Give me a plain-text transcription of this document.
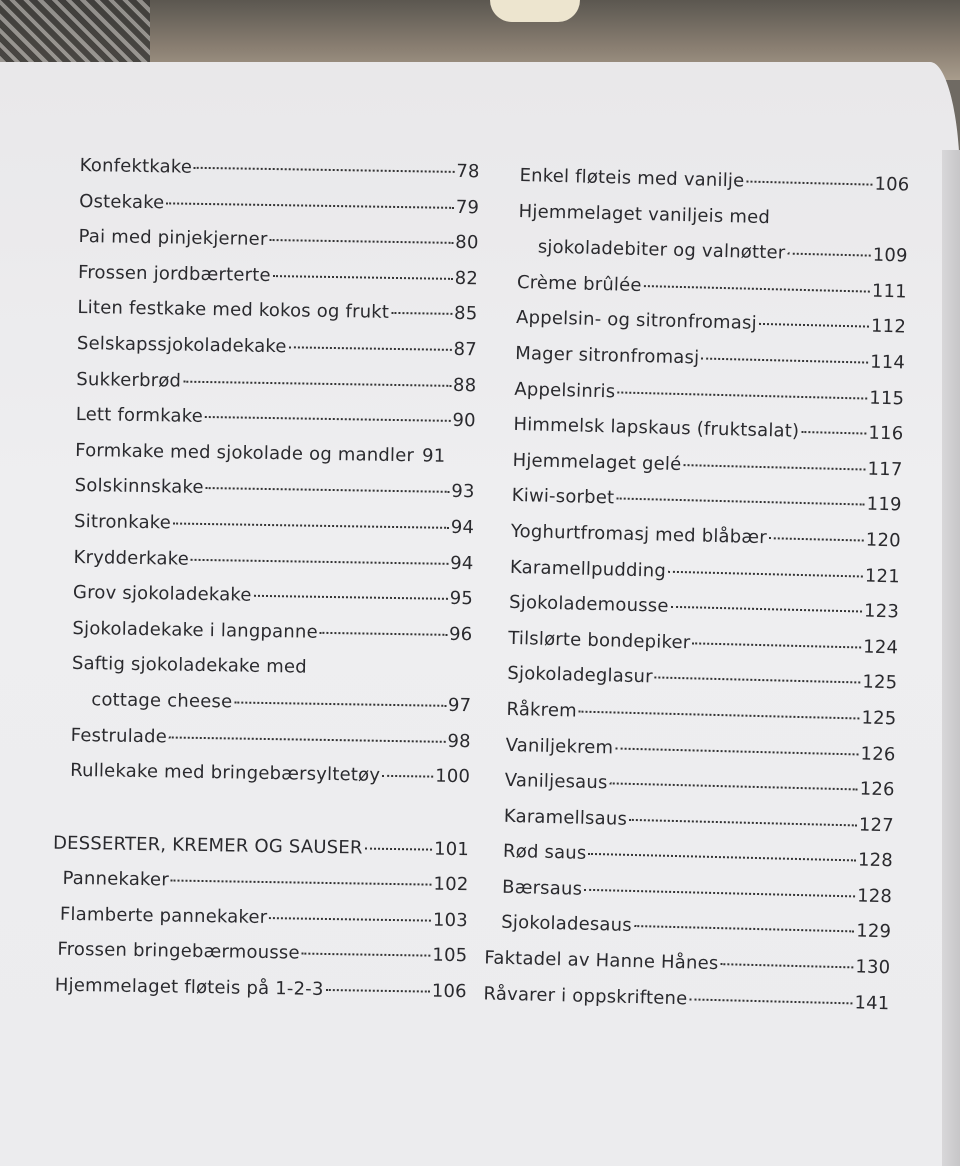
Konfektkake	78
Ostekake	79
Pai med pinjekjerner	80
Frossen jordbærterte	82
Liten festkake med kokos og frukt	85
Selskapssjokoladekake	87
Sukkerbrød	88
Lett formkake	90
Formkake med sjokolade og mandler 91
Solskinnskake	93
Sitronkake	94
Krydderkake	94
Grov sjokoladekake	95
Sjokoladekake i langpanne	96
Saftig sjokoladekake med
cottage cheese	97
Festrulade	98
Rullekake med bringebærsyltetøy	100
DESSERTER, KREMER OG SAUSER	101
Pannekaker	102
Flamberte pannekaker	103
Frossen bringebærmousse	105
Hjemmelaget fløteis på 1-2-3	106
Enkel fløteis med vanilje	106
Hjemmelaget vaniljeis med
sjokoladebiter og valnøtter	109
Crème brûlée	111
Appelsin- og sitronfromasj	112
Mager sitronfromasj	114
Appelsinris	115
Himmelsk lapskaus (fruktsalat)	116
Hjemmelaget gelé	117
Kiwi-sorbet	119
Yoghurtfromasj med blåbær	120
Karamellpudding	121
Sjokolademousse	123
Tilslørte bondepiker	124
Sjokoladeglasur	125
Råkrem	125
Vaniljekrem	126
Vaniljesaus	126
Karamellsaus	127
Rød saus	128
Bærsaus	128
Sjokoladesaus	129
Faktadel av Hanne Hånes	130
Råvarer i oppskriftene	141
